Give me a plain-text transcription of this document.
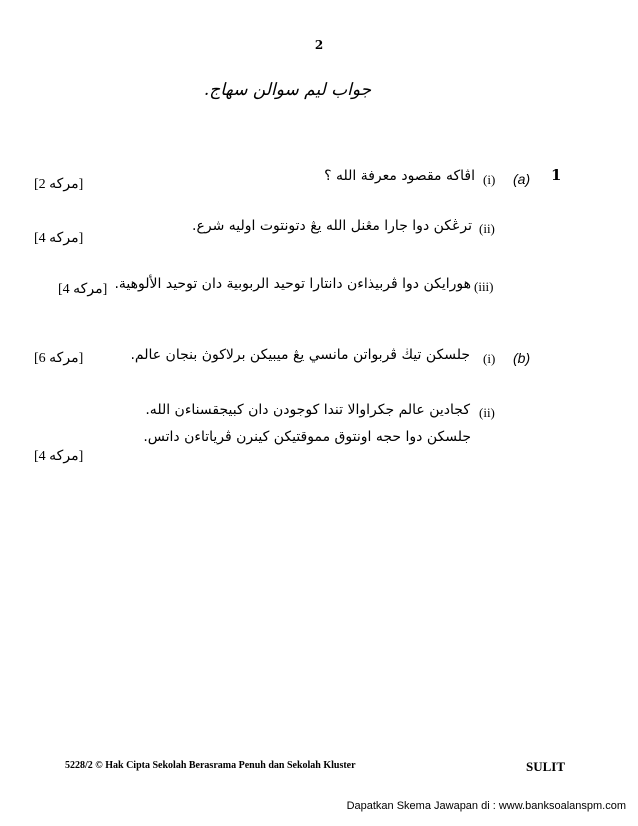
2
جواب ليم سوالن سهاج.
1
(a)
(i)
اڤاكه مقصود معرفة الله ؟
[2 مركه]
(ii)
ترڠكن دوا جارا مڠنل الله يڠ دتونتوت اوليه شرع.
[4 مركه]
(iii)
هورايكن دوا ڤربيذاءن دانتارا توحيد الربوبية دان توحيد الألوهية.
[4 مركه]
(b)
(i)
جلسكن تيڬ ڤربواتن مانسي يڠ ميبيكن برلاكوڽ بنجان عالم.
[6 مركه]
(ii)
كجادين عالم جكراوالا تندا كوجودن دان كبيجقسناءن الله.
جلسكن دوا حجه اونتوق مموقتيكن كينرن ڤرياتاءن داتس.
[4 مركه]
5228/2 © Hak Cipta Sekolah Berasrama Penuh dan Sekolah Kluster	SULIT
Dapatkan Skema Jawapan di : www.banksoalanspm.com
